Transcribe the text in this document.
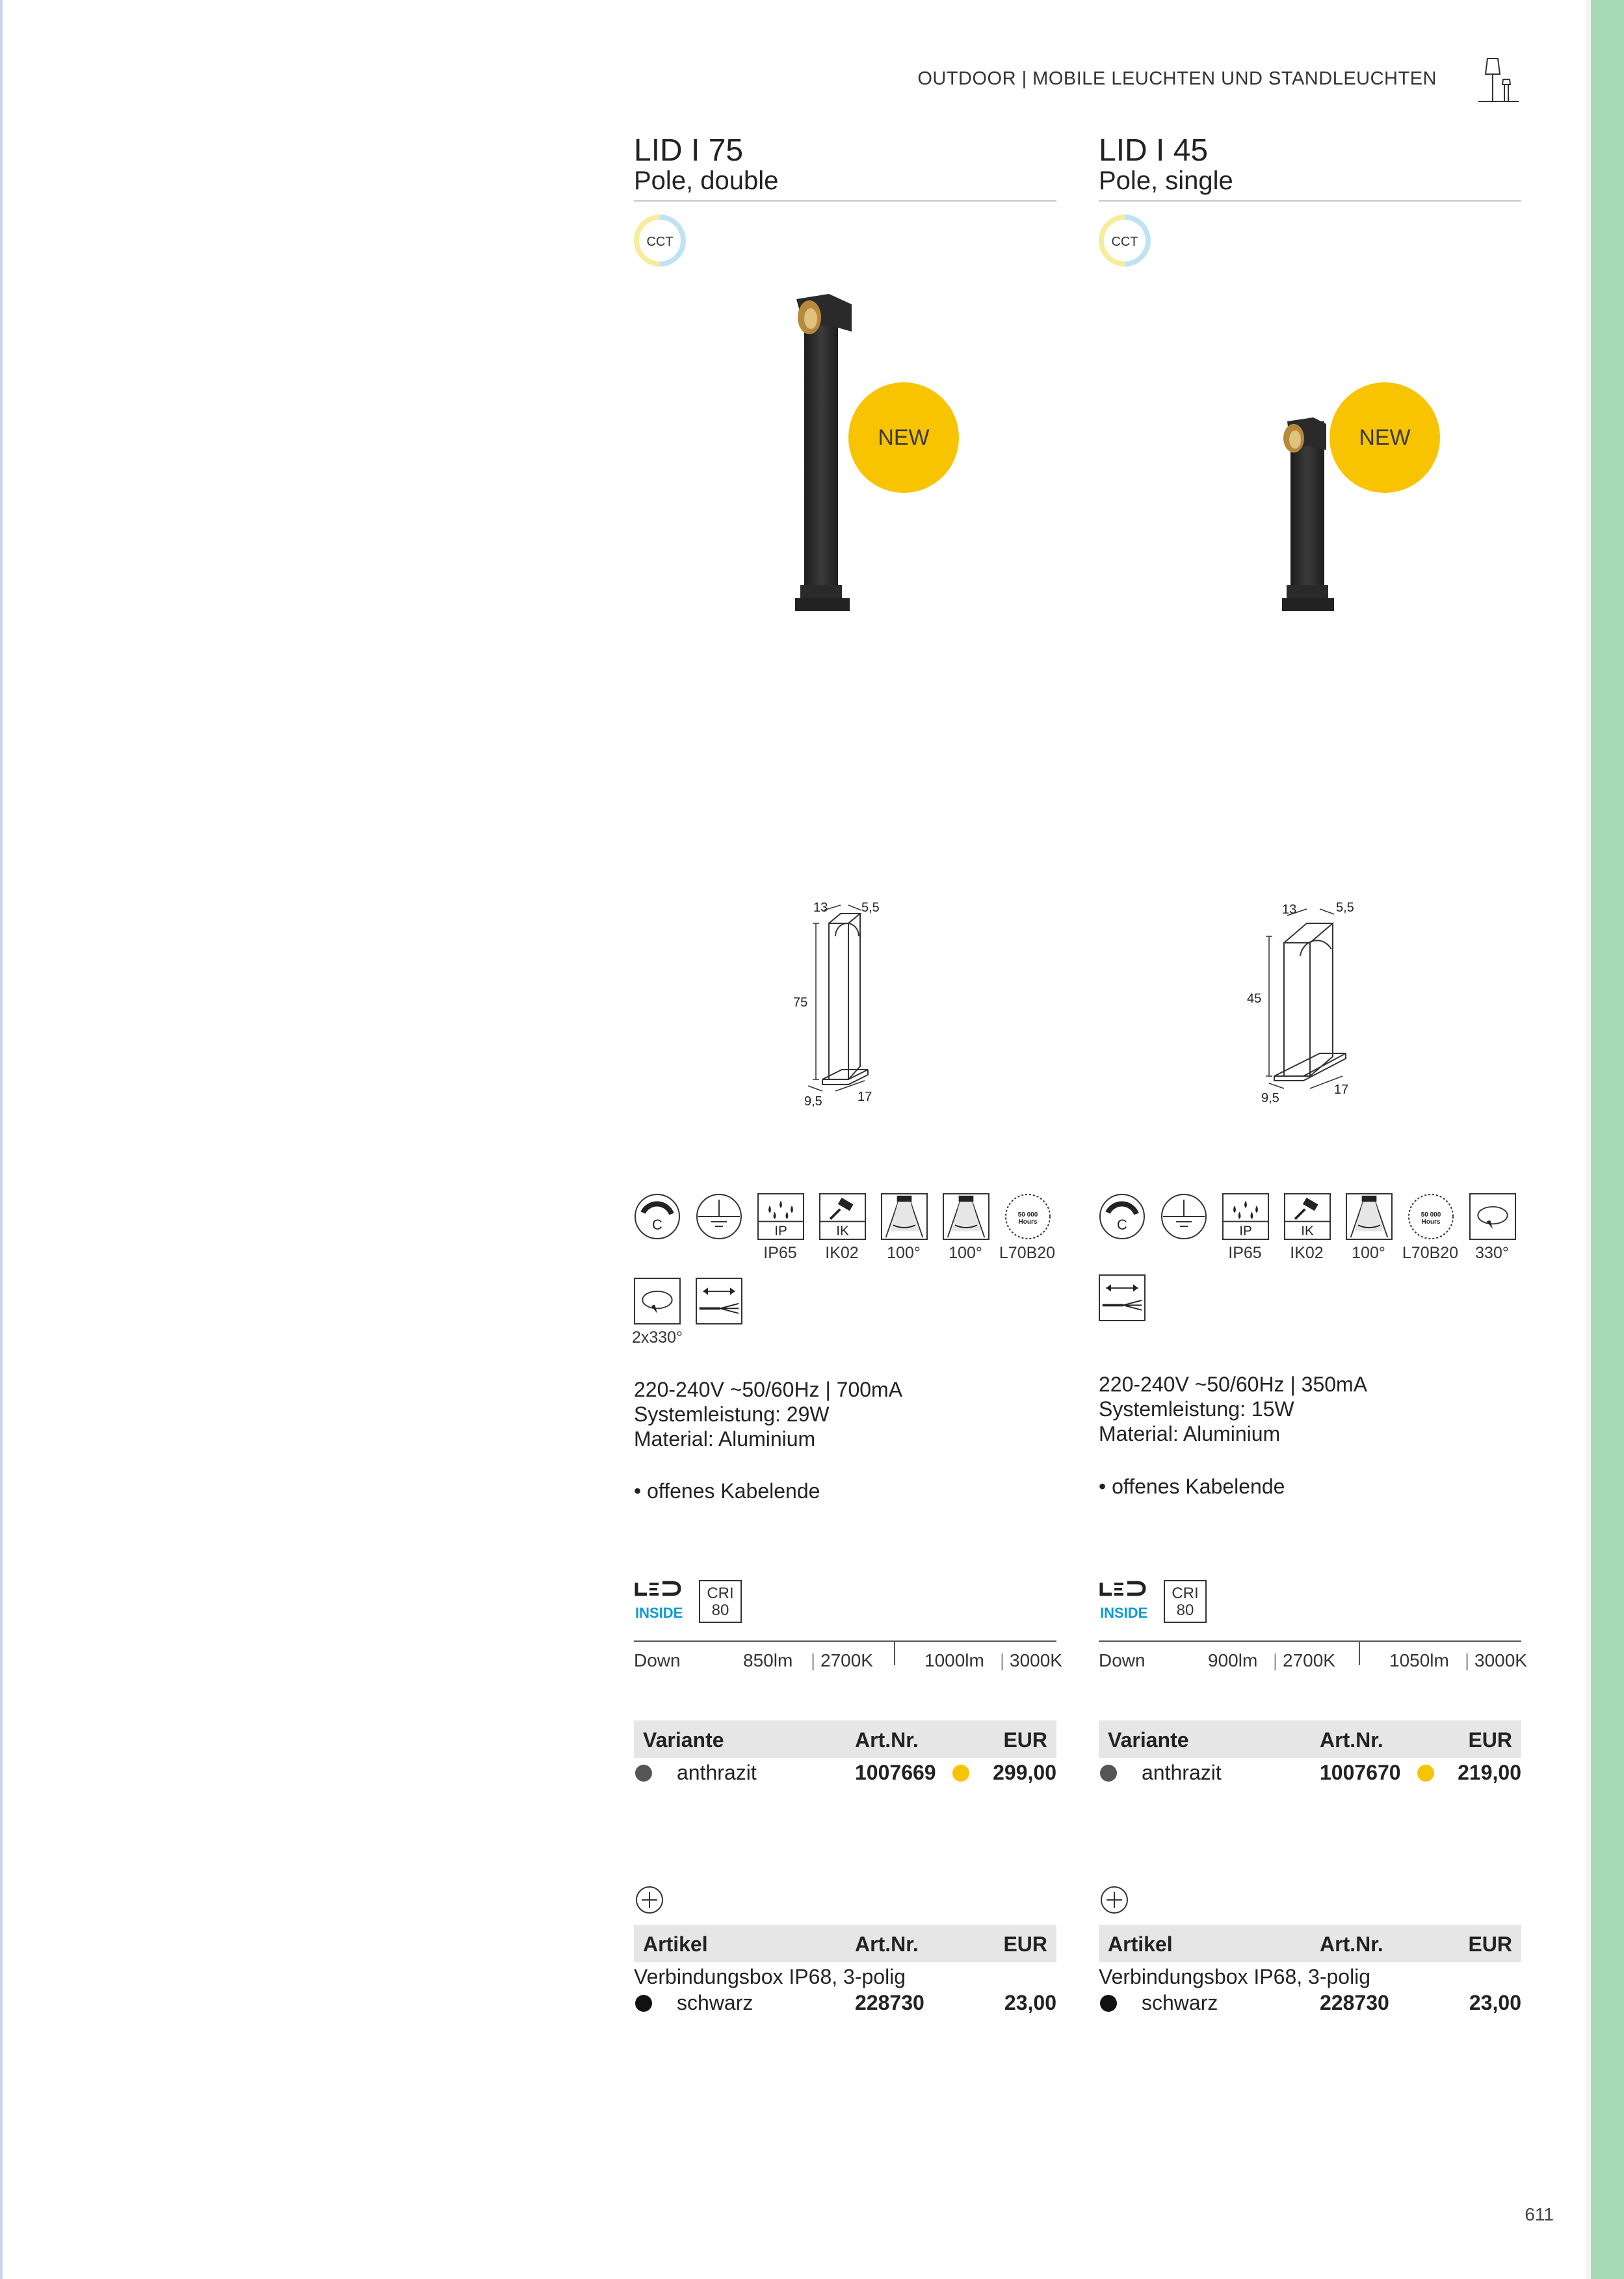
OUTDOOR | MOBILE LEUCHTEN UND STANDLEUCHTEN
LID I 75
Pole, double
CCT
NEW
13	5,5
75
9,5	17
C	IP	IK
50 000
Hours
IP65	IK02	100°	100°	L70B20
2x330°
220-240V ~50/60Hz | 700mA
Systemleistung: 29W
Material: Aluminium
• offenes Kabelende
INSIDE
CRI
80
Down	850lm | 2700K	1000lm | 3000K
Variante	Art.Nr.	EUR
anthrazit	1007669	299,00
Artikel	Art.Nr.	EUR
Verbindungsbox IP68, 3-polig
schwarz	228730	23,00
LID I 45
Pole, single
CCT
NEW
13	5,5
45
9,5
17
C	IP	IK
50 000
Hours
IP65	IK02	100°	L70B20	330°
220-240V ~50/60Hz | 350mA
Systemleistung: 15W
Material: Aluminium
• offenes Kabelende
INSIDE
CRI
80
Down	900lm | 2700K	1050lm | 3000K
Variante	Art.Nr.	EUR
anthrazit	1007670	219,00
Artikel	Art.Nr.	EUR
Verbindungsbox IP68, 3-polig
schwarz	228730	23,00
611
